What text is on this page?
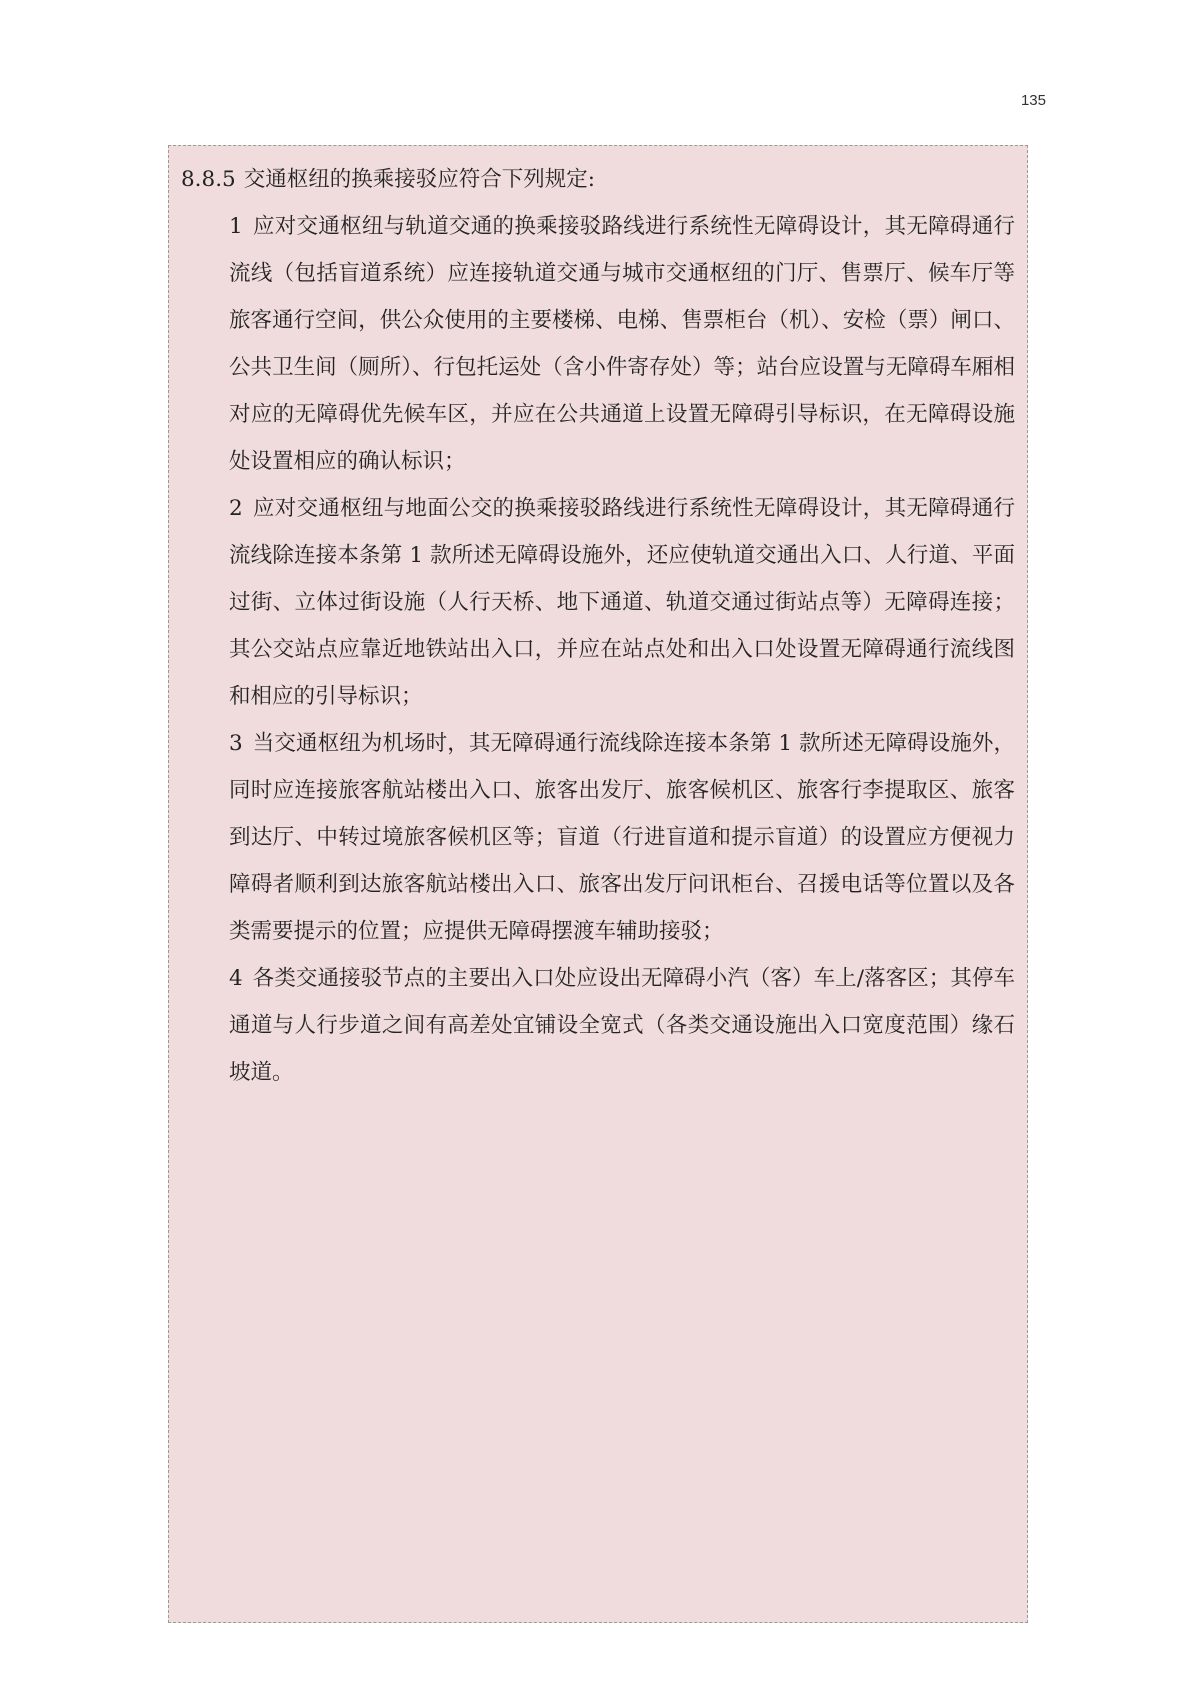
135
8.8.5 交通枢纽的换乘接驳应符合下列规定:
1 应对交通枢纽与轨道交通的换乘接驳路线进行系统性无障碍设计，其无障碍通行流线（包括盲道系统）应连接轨道交通与城市交通枢纽的门厅、售票厅、候车厅等旅客通行空间，供公众使用的主要楼梯、电梯、售票柜台（机）、安检（票）闸口、公共卫生间（厕所）、行包托运处（含小件寄存处）等；站台应设置与无障碍车厢相对应的无障碍优先候车区，并应在公共通道上设置无障碍引导标识，在无障碍设施处设置相应的确认标识；
2 应对交通枢纽与地面公交的换乘接驳路线进行系统性无障碍设计，其无障碍通行流线除连接本条第 1 款所述无障碍设施外，还应使轨道交通出入口、人行道、平面过街、立体过街设施（人行天桥、地下通道、轨道交通过街站点等）无障碍连接；其公交站点应靠近地铁站出入口，并应在站点处和出入口处设置无障碍通行流线图和相应的引导标识；
3 当交通枢纽为机场时，其无障碍通行流线除连接本条第 1 款所述无障碍设施外，同时应连接旅客航站楼出入口、旅客出发厅、旅客候机区、旅客行李提取区、旅客到达厅、中转过境旅客候机区等；盲道（行进盲道和提示盲道）的设置应方便视力障碍者顺利到达旅客航站楼出入口、旅客出发厅问讯柜台、召援电话等位置以及各类需要提示的位置；应提供无障碍摆渡车辅助接驳；
4 各类交通接驳节点的主要出入口处应设出无障碍小汽（客）车上/落客区；其停车通道与人行步道之间有高差处宜铺设全宽式（各类交通设施出入口宽度范围）缘石坡道。
